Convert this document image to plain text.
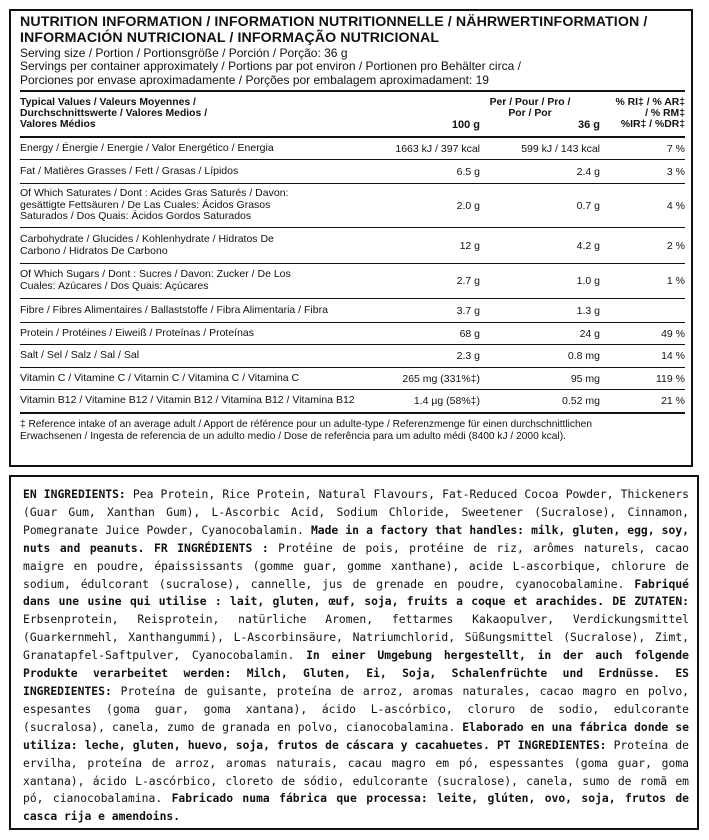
NUTRITION INFORMATION / INFORMATION NUTRITIONNELLE / NÄHRWERTINFORMATION /
INFORMACIÓN NUTRICIONAL / INFORMAÇÃO NUTRICIONAL
Serving size / Portion / Portionsgröße / Porción / Porção: 36 g
Servings per container approximately / Portions par pot environ / Portionen pro Behälter circa /
Porciones por envase aproximadamente / Porções por embalagem aproximadament: 19
Typical Values / Valeurs Moyennes /
Durchschnittswerte / Valores Medios /
Valores Médios
Per / Pour / Pro /
Por / Por
100 g	36 g
% RI‡ / % AR‡
/ % RM‡
%IR‡ / %DR‡
Energy / Énergie / Energie / Valor Energético / Energia	1663 kJ / 397 kcal	599 kJ / 143 kcal	7 %
Fat / Matières Grasses / Fett / Grasas / Lípidos	6.5 g	2.4 g	3 %
Of Which Saturates / Dont : Acides Gras Saturés / Davon:
gesättigte Fettsäuren / De Las Cuales: Ácidos Grasos
Saturados / Dos Quais: Ácidos Gordos Saturados
2.0 g	0.7 g	4 %
Carbohydrate / Glucides / Kohlenhydrate / Hidratos De
Carbono / Hidratos De Carbono	12 g	4.2 g	2 %
Of Which Sugars / Dont : Sucres / Davon: Zucker / De Los
Cuales: Azúcares / Dos Quais: Açúcares	2.7 g	1.0 g	1 %
Fibre / Fibres Alimentaires / Ballaststoffe / Fibra Alimentaria / Fibra	3.7 g	1.3 g
Protein / Protéines / Eiweiß / Proteínas / Proteínas	68 g	24 g	49 %
Salt / Sel / Salz / Sal / Sal	2.3 g	0.8 mg	14 %
Vitamin C / Vitamine C / Vitamin C / Vitamina C / Vitamina C	265 mg (331%‡)	95 mg	119 %
Vitamin B12 / Vitamine B12 / Vitamin B12 / Vitamina B12 / Vitamina B12	1.4 µg (58%‡)	0.52 mg	21 %
‡ Reference intake of an average adult / Apport de référence pour un adulte-type / Referenzmenge für einen durchschnittlichen
Erwachsenen / Ingesta de referencia de un adulto medio / Dose de referência para um adulto médi (8400 kJ / 2000 kcal).
EN INGREDIENTS: Pea Protein, Rice Protein, Natural Flavours, Fat-Reduced Cocoa Powder, Thickeners (Guar Gum, Xanthan Gum), L-Ascorbic Acid, Sodium Chloride, Sweetener (Sucralose), Cinnamon, Pomegranate Juice Powder, Cyanocobalamin. Made in a factory that handles: milk, gluten, egg, soy, nuts and peanuts. FR INGRÉDIENTS : Protéine de pois, protéine de riz, arômes naturels, cacao maigre en poudre, épaississants (gomme guar, gomme xanthane), acide L-ascorbique, chlorure de sodium, édulcorant (sucralose), cannelle, jus de grenade en poudre, cyanocobalamine. Fabriqué dans une usine qui utilise : lait, gluten, œuf, soja, fruits a coque et arachides. DE ZUTATEN: Erbsenprotein, Reisprotein, natürliche Aromen, fettarmes Kakaopulver, Verdickungsmittel (Guarkernmehl, Xanthangummi), L-Ascorbinsäure, Natriumchlorid, Süßungsmittel (Sucralose), Zimt, Granatapfel-Saftpulver, Cyanocobalamin. In einer Umgebung hergestellt, in der auch folgende Produkte verarbeitet werden: Milch, Gluten, Ei, Soja, Schalenfrüchte und Erdnüsse. ES INGREDIENTES: Proteína de guisante, proteína de arroz, aromas naturales, cacao magro en polvo, espesantes (goma guar, goma xantana), ácido L-ascórbico, cloruro de sodio, edulcorante (sucralosa), canela, zumo de granada en polvo, cianocobalamina. Elaborado en una fábrica donde se utiliza: leche, gluten, huevo, soja, frutos de cáscara y cacahuetes. PT INGREDIENTES: Proteína de ervilha, proteína de arroz, aromas naturais, cacau magro em pó, espessantes (goma guar, goma xantana), ácido L-ascórbico, cloreto de sódio, edulcorante (sucralose), canela, sumo de romã em pó, cianocobalamina. Fabricado numa fábrica que processa: leite, glúten, ovo, soja, frutos de casca rija e amendoins.
